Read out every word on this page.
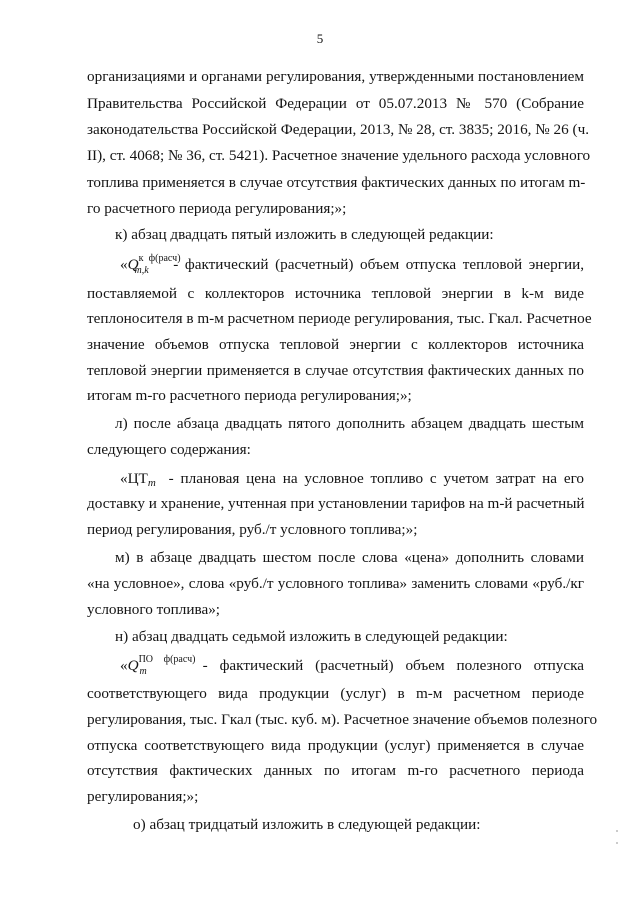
5
организациями и органами регулирования, утвержденными постановлением
Правительства Российской Федерации от 05.07.2013 № 570 (Собрание
законодательства Российской Федерации, 2013, № 28, ст. 3835; 2016, № 26 (ч.
II), ст. 4068; № 36, ст. 5421). Расчетное значение удельного расхода условного
топлива применяется в случае отсутствия фактических данных по итогам m-
го расчетного периода регулирования;»;
к) абзац двадцать пятый изложить в следующей редакции:
«$Q^{к ф(расч)}_{m,k}$ - фактический (расчетный) объем отпуска тепловой энергии,
поставляемой с коллекторов источника тепловой энергии в k-м виде
теплоносителя в m-м расчетном периоде регулирования, тыс. Гкал. Расчетное
значение объемов отпуска тепловой энергии с коллекторов источника
тепловой энергии применяется в случае отсутствия фактических данных по
итогам m-го расчетного периода регулирования;»;
л) после абзаца двадцать пятого дополнить абзацем двадцать шестым
следующего содержания:
«ЦТm - плановая цена на условное топливо с учетом затрат на его
доставку и хранение, учтенная при установлении тарифов на m-й расчетный
период регулирования, руб./т условного топлива;»;
м) в абзаце двадцать шестом после слова «цена» дополнить словами
«на условное», слова «руб./т условного топлива» заменить словами «руб./кг
условного топлива»;
н) абзац двадцать седьмой изложить в следующей редакции:
«$Q^{ПО ф(расч)}_m$	- фактический (расчетный) объем полезного отпуска
соответствующего вида продукции (услуг) в m-м расчетном периоде
регулирования, тыс. Гкал (тыс. куб. м). Расчетное значение объемов полезного
отпуска соответствующего вида продукции (услуг) применяется в случае
отсутствия фактических данных по итогам m-го расчетного периода
регулирования;»;
о) абзац тридцатый изложить в следующей редакции:
